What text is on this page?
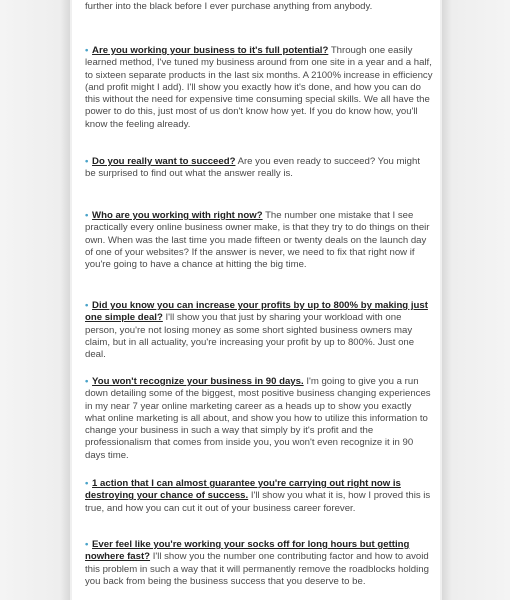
further into the black before I ever purchase anything from anybody.

• Are you working your business to it's full potential? Through one easily learned method, I've tuned my business around from one site in a year and a half, to sixteen separate products in the last six months. A 2100% increase in efficiency (and profit might I add). I'll show you exactly how it's done, and how you can do this without the need for expensive time consuming special skills. We all have the power to do this, just most of us don't know how yet. If you do know how, you'll know the feeling already.

• Do you really want to succeed? Are you even ready to succeed? You might be surprised to find out what the answer really is.

• Who are you working with right now? The number one mistake that I see practically every online business owner make, is that they try to do things on their own. When was the last time you made fifteen or twenty deals on the launch day of one of your websites? If the answer is never, we need to fix that right now if you're going to have a chance at hitting the big time.

• Did you know you can increase your profits by up to 800% by making just one simple deal? I'll show you that just by sharing your workload with one person, you're not losing money as some short sighted business owners may claim, but in all actuality, you're increasing your profit by up to 800%. Just one deal.

• You won't recognize your business in 90 days. I'm going to give you a run down detailing some of the biggest, most positive business changing experiences in my near 7 year online marketing career as a heads up to show you exactly what online marketing is all about, and show you how to utilize this information to change your business in such a way that simply by it's profit and the professionalism that comes from inside you, you won't even recognize it in 90 days time.

• 1 action that I can almost guarantee you're carrying out right now is destroying your chance of success. I'll show you what it is, how I proved this is true, and how you can cut it out of your business career forever.

• Ever feel like you're working your socks off for long hours but getting nowhere fast? I'll show you the number one contributing factor and how to avoid this problem in such a way that it will permanently remove the roadblocks holding you back from being the business success that you deserve to be.
